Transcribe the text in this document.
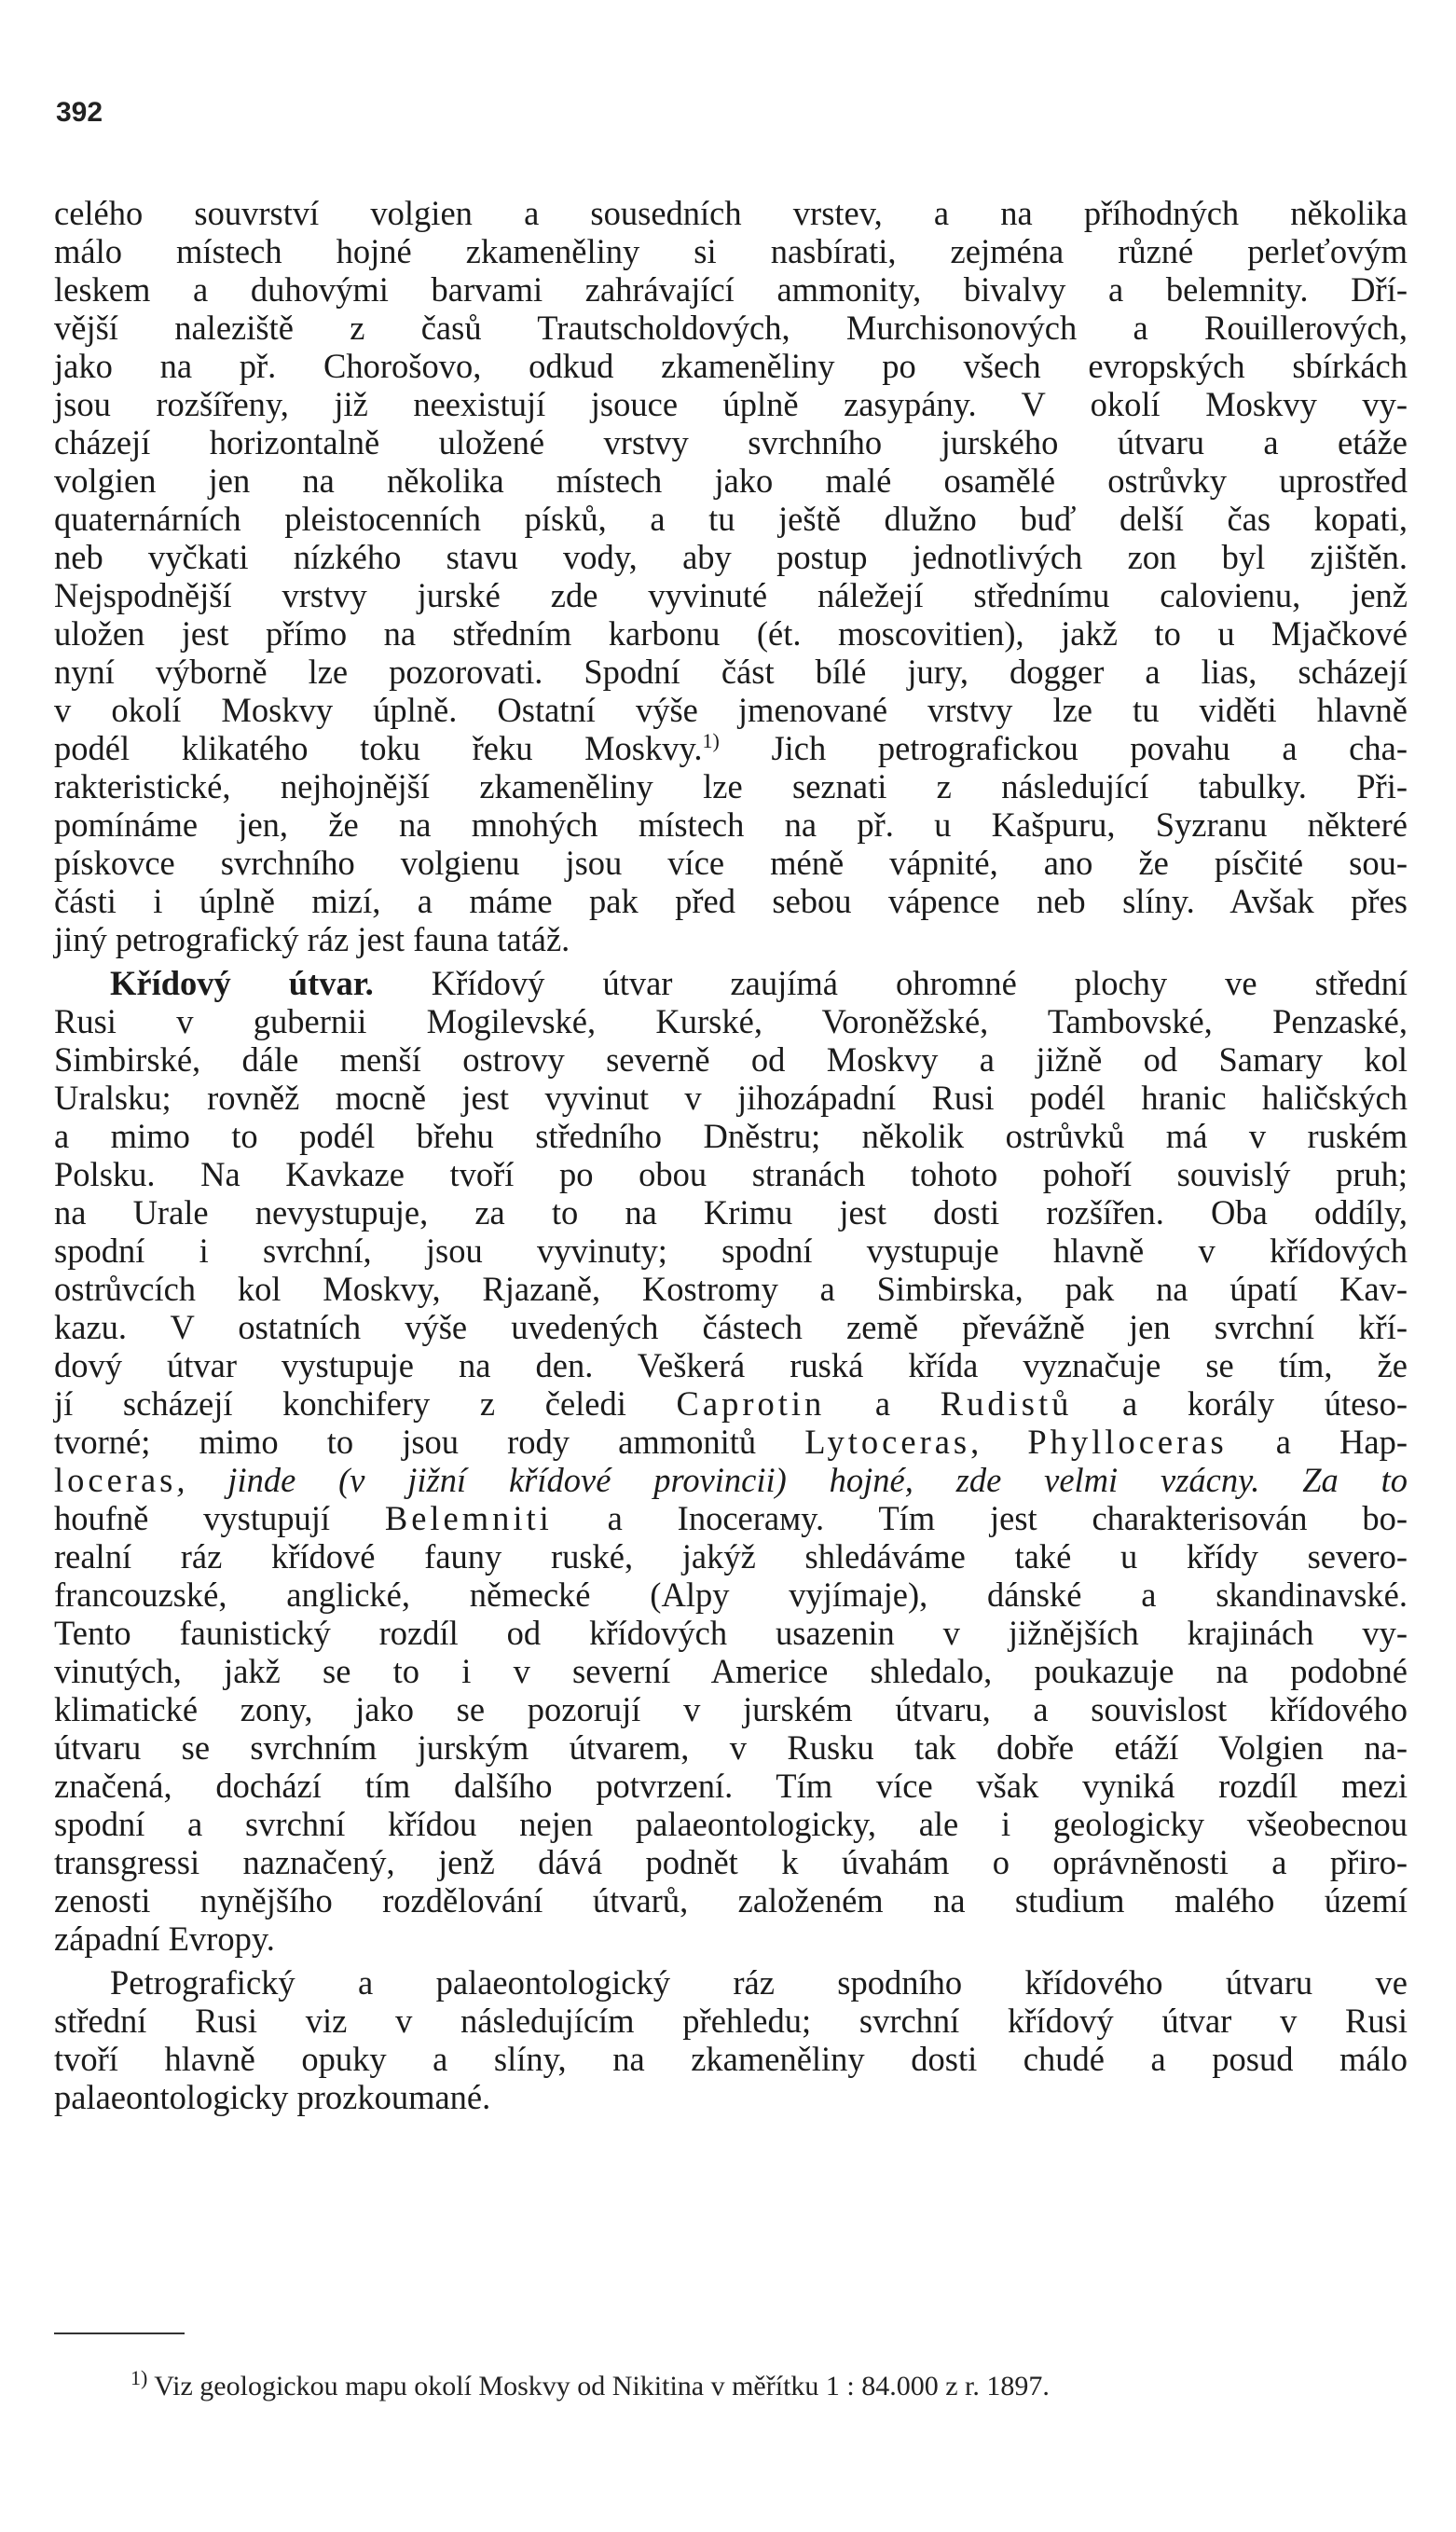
392
celého souvrství volgien a sousedních vrstev, a na příhodných několika
málo místech hojné zkameněliny si nasbírati, zejména různé perleťovým
leskem a duhovými barvami zahrávající ammonity, bivalvy a belemnity. Dří-
vější naleziště z časů Trautscholdových, Murchisonových a Rouillerových,
jako na př. Chorošovo, odkud zkameněliny po všech evropských sbírkách
jsou rozšířeny, již neexistují jsouce úplně zasypány. V okolí Moskvy vy-
cházejí horizontalně uložené vrstvy svrchního jurského útvaru a etáže
volgien jen na několika místech jako malé osamělé ostrůvky uprostřed
quaternárních pleistocenních písků, a tu ještě dlužno buď delší čas kopati,
neb vyčkati nízkého stavu vody, aby postup jednotlivých zon byl zjištěn.
Nejspodnější vrstvy jurské zde vyvinuté náležejí střednímu calovienu, jenž
uložen jest přímo na středním karbonu (ét. moscovitien), jakž to u Mjačkové
nyní výborně lze pozorovati. Spodní část bílé jury, dogger a lias, scházejí
v okolí Moskvy úplně. Ostatní výše jmenované vrstvy lze tu viděti hlavně
podél klikatého toku řeku Moskvy.$^{1)}$ Jich petrografickou povahu a cha-
rakteristické, nejhojnější zkameněliny lze seznati z následující tabulky. Při-
pomínáme jen, že na mnohých místech na př. u Kašpuru, Syzranu některé
pískovce svrchního volgienu jsou více méně vápnité, ano že písčité sou-
části i úplně mizí, a máme pak před sebou vápence neb slíny. Avšak přes
jiný petrografický ráz jest fauna tatáž.
Křídový útvar. Křídový útvar zaujímá ohromné plochy ve střední
Rusi v gubernii Mogilevské, Kurské, Voroněžské, Tambovské, Penzaské,
Simbirské, dále menší ostrovy severně od Moskvy a jižně od Samary kol
Uralsku; rovněž mocně jest vyvinut v jihozápadní Rusi podél hranic haličských
a mimo to podél břehu středního Dněstru; několik ostrůvků má v ruském
Polsku. Na Kavkaze tvoří po obou stranách tohoto pohoří souvislý pruh;
na Urale nevystupuje, za to na Krimu jest dosti rozšířen. Oba oddíly,
spodní i svrchní, jsou vyvinuty; spodní vystupuje hlavně v křídových
ostrůvcích kol Moskvy, Rjazaně, Kostromy a Simbirska, pak na úpatí Kav-
kazu. V ostatních výše uvedených částech země převážně jen svrchní kří-
dový útvar vystupuje na den. Veškerá ruská křída vyznačuje se tím, že
jí scházejí konchifery z čeledi Caprotin a Rudistů a korály úteso-
tvorné; mimo to jsou rody ammonitů Lytoceras, Phylloceras a Hap-
loceras, jinde (v jižní křídové provincii) hojné, zde velmi vzácny. Za to
houfně vystupují Belemniti a Inocerамy. Tím jest charakterisován bo-
realní ráz křídové fauny ruské, jakýž shledáváme také u křídy severo-
francouzské, anglické, německé (Alpy vyjímaje), dánské a skandinavské.
Tento faunistický rozdíl od křídových usazenin v jižnějších krajinách vy-
vinutých, jakž se to i v severní Americe shledalo, poukazuje na podobné
klimatické zony, jako se pozorují v jurském útvaru, a souvislost křídového
útvaru se svrchním jurským útvarem, v Rusku tak dobře etáží Volgien na-
značená, dochází tím dalšího potvrzení. Tím více však vyniká rozdíl mezi
spodní a svrchní křídou nejen palaeontologicky, ale i geologicky všeobecnou
transgressi naznačený, jenž dává podnět k úvahám o oprávněnosti a přiro-
zenosti nynějšího rozdělování útvarů, založeném na studium malého území
západní Evropy.
Petrografický a palaeontologický ráz spodního křídového útvaru ve
střední Rusi viz v následujícím přehledu; svrchní křídový útvar v Rusi
tvoří hlavně opuky a slíny, na zkameněliny dosti chudé a posud málo
palaeontologicky prozkoumané.
$^{1)}$ Viz geologickou mapu okolí Moskvy od Nikitina v měřítku 1 : 84.000 z r. 1897.
